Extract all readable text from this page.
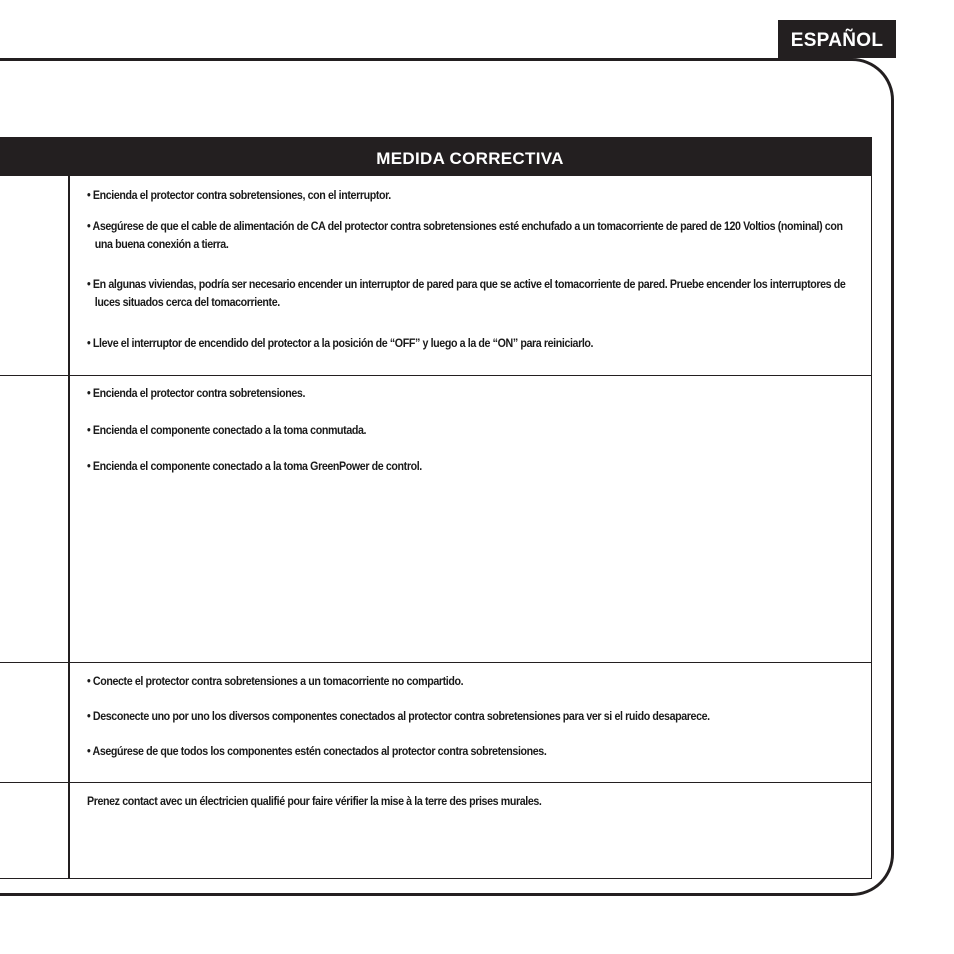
ESPAÑOL
MEDIDA CORRECTIVA

• Encienda el protector contra sobretensiones, con el interruptor.

• Asegúrese de que el cable de alimentación de CA del protector contra sobretensiones esté enchufado a un tomacorriente de pared de 120 Voltios (nominal) con una buena conexión a tierra.

• En algunas viviendas, podría ser necesario encender un interruptor de pared para que se active el tomacorriente de pared. Pruebe encender los interruptores de luces situados cerca del tomacorriente.

• Lleve el interruptor de encendido del protector a la posición de “OFF” y luego a la de “ON” para reiniciarlo.

• Encienda el protector contra sobretensiones.

• Encienda el componente conectado a la toma conmutada.

• Encienda el componente conectado a la toma GreenPower de control.

• Conecte el protector contra sobretensiones a un tomacorriente no compartido.

• Desconecte uno por uno los diversos componentes conectados al protector contra sobretensiones para ver si el ruido desaparece.

• Asegúrese de que todos los componentes estén conectados al protector contra sobretensiones.

Prenez contact avec un électricien qualifié pour faire vérifier la mise à la terre des prises murales.
